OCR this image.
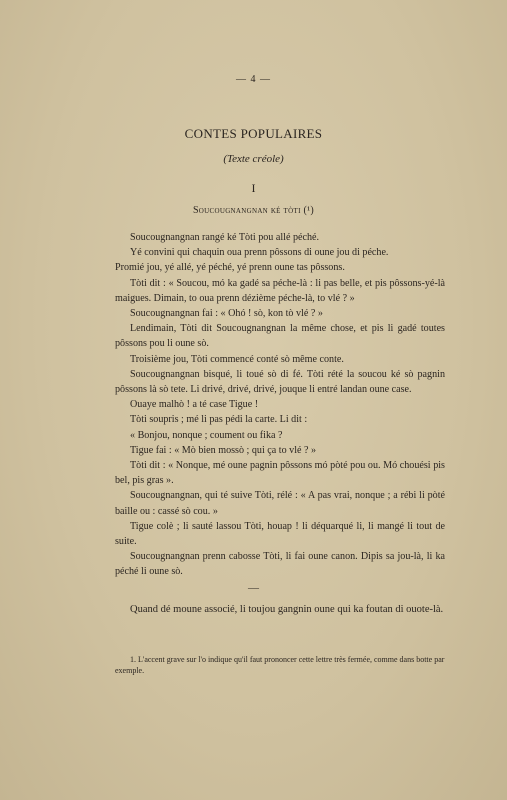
— 4 —
CONTES POPULAIRES
(Texte créole)
I
Soucougnangnan ké tòti (¹)

Soucougnangnan rangé ké Tòti pou allé péché.

Yé convini qui chaquin oua prenn pôssons di oune jou di péche.

Promié jou, yé allé, yé péché, yé prenn oune tas pôssons.

Tòti dit : « Soucou, mó ka gadé sa péche-là : li pas belle, et pis pôssons-yé-là maigues. Dimain, to oua prenn dézième péche-là, to vlé ? »

Soucougnangnan fai : « Ohó ! sò, kon tò vlé ? »

Lendimain, Tòti dit Soucougnangnan la même chose, et pis li gadé toutes pôssons pou li oune sò.

Troisième jou, Tòti commencé conté sò même conte.

Soucougnangnan bisqué, li toué sò di fé. Tòti rété la soucou ké sò pagnin pôssons là sò tete. Li drivé, drivé, drivé, jouque li entré landan oune case.

Ouaye malhò ! a té case Tigue !

Tòti soupris ; mé li pas pédi la carte. Li dit :

« Bonjou, nonque ; coument ou fika ?

Tigue fai : « Mò bien mossò ; qui ça to vlé ? »

Tòti dit : « Nonque, mé oune pagnin pôssons mó pòté pou ou. Mó chouési pis bel, pis gras ».

Soucougnangnan, qui té suive Tòti, rélé : « A pas vrai, nonque ; a rébi li pòté baille ou : cassé sò cou. »

Tigue colè ; li sauté lassou Tòti, houap ! li déquarqué li, li mangé li tout de suite.

Soucougnangnan prenn cabosse Tòti, li fai oune canon. Dipis sa jou-là, li ka péché li oune sò.

—
Quand dé moune associé, li toujou gangnin oune qui ka foutan di ouote-là.
1. L'accent grave sur l'o indique qu'il faut prononcer cette lettre très fermée, comme dans botte par exemple.
